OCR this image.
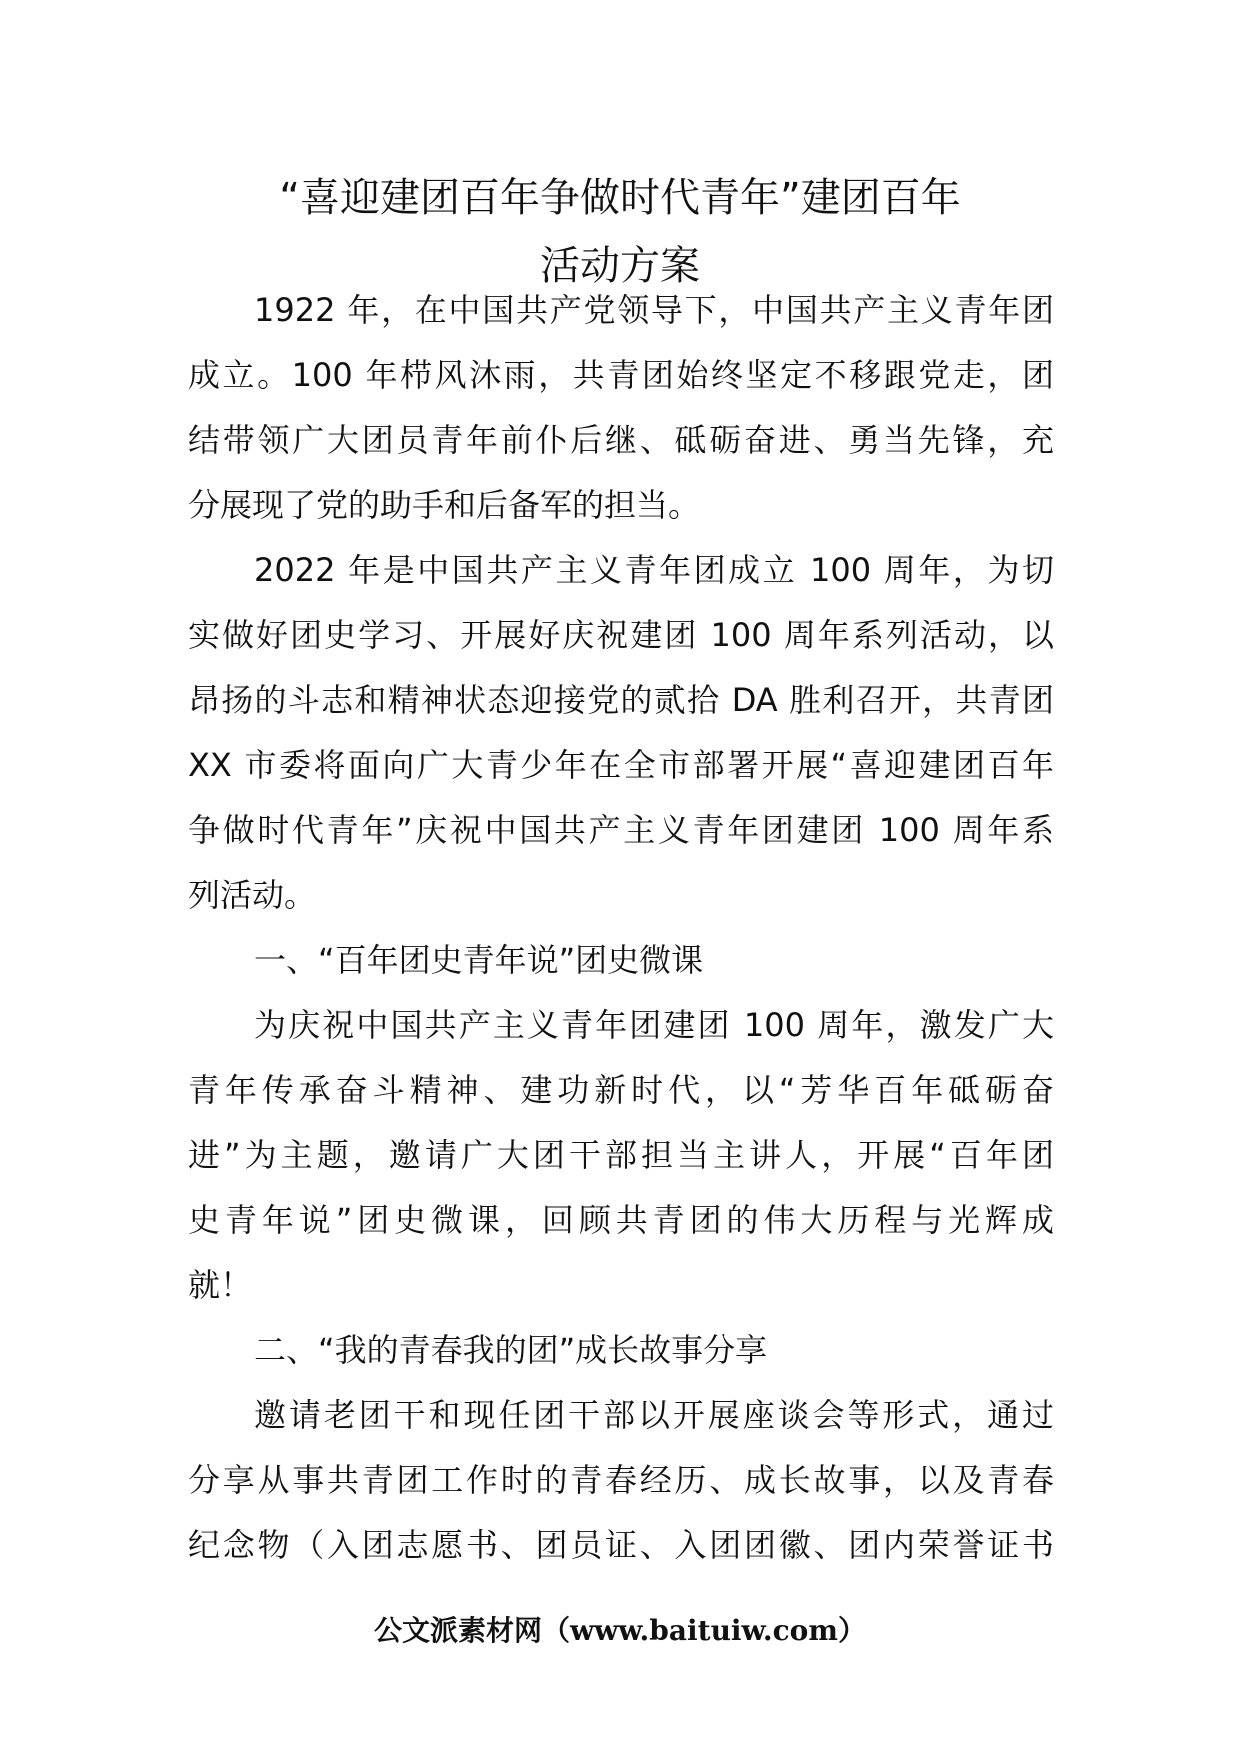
“喜迎建团百年争做时代青年”建团百年
活动方案
1922 年，在中国共产党领导下，中国共产主义青年团
成立。100 年栉风沐雨，共青团始终坚定不移跟党走，团
结带领广大团员青年前仆后继、砥砺奋进、勇当先锋，充
分展现了党的助手和后备军的担当。
2022 年是中国共产主义青年团成立 100 周年，为切
实做好团史学习、开展好庆祝建团 100 周年系列活动，以
昂扬的斗志和精神状态迎接党的贰拾 DA 胜利召开，共青团
XX 市委将面向广大青少年在全市部署开展“喜迎建团百年
争做时代青年”庆祝中国共产主义青年团建团 100 周年系
列活动。
一、“百年团史青年说”团史微课
为庆祝中国共产主义青年团建团 100 周年，激发广大
青年传承奋斗精神、建功新时代，以“芳华百年砥砺奋
进”为主题，邀请广大团干部担当主讲人，开展“百年团
史青年说”团史微课，回顾共青团的伟大历程与光辉成
就！
二、“我的青春我的团”成长故事分享
邀请老团干和现任团干部以开展座谈会等形式，通过
分享从事共青团工作时的青春经历、成长故事，以及青春
纪念物（入团志愿书、团员证、入团团徽、团内荣誉证书
公文派素材网（www.baituiw.com）
